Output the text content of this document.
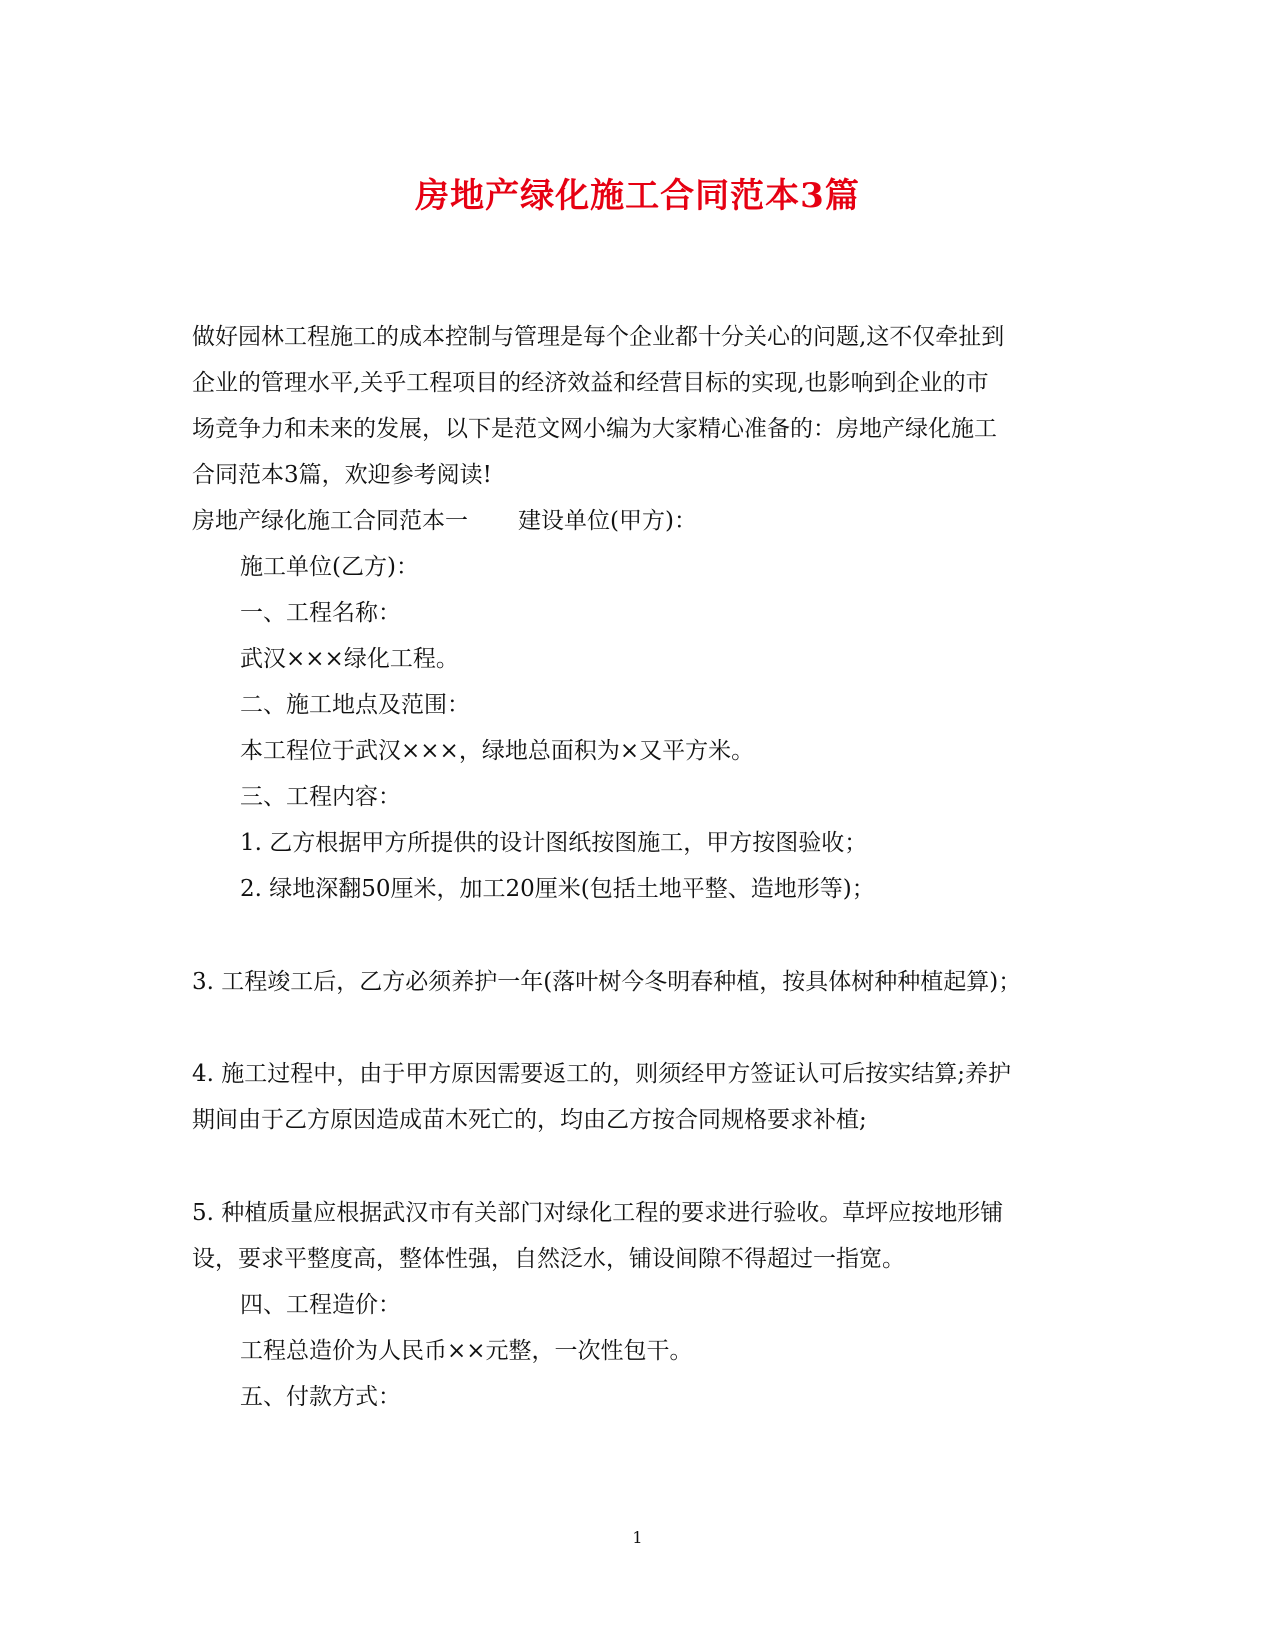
房地产绿化施工合同范本3篇

做好园林工程施工的成本控制与管理是每个企业都十分关心的问题,这不仅牵扯到

企业的管理水平,关乎工程项目的经济效益和经营目标的实现,也影响到企业的市

场竞争力和未来的发展，以下是范文网小编为大家精心准备的：房地产绿化施工

合同范本3篇，欢迎参考阅读!

房地产绿化施工合同范本一 建设单位(甲方)：

施工单位(乙方)：

一、工程名称：

武汉×××绿化工程。

二、施工地点及范围：

本工程位于武汉×××，绿地总面积为×又平方米。

三、工程内容：

1. 乙方根据甲方所提供的设计图纸按图施工，甲方按图验收；

2. 绿地深翻50厘米，加工20厘米(包括土地平整、造地形等)；

3. 工程竣工后，乙方必须养护一年(落叶树今冬明春种植，按具体树种种植起算)；

4. 施工过程中，由于甲方原因需要返工的，则须经甲方签证认可后按实结算;养护

期间由于乙方原因造成苗木死亡的，均由乙方按合同规格要求补植;

5. 种植质量应根据武汉市有关部门对绿化工程的要求进行验收。草坪应按地形铺

设，要求平整度高，整体性强，自然泛水，铺设间隙不得超过一指宽。

四、工程造价：

工程总造价为人民币××元整，一次性包干。

五、付款方式：

1
